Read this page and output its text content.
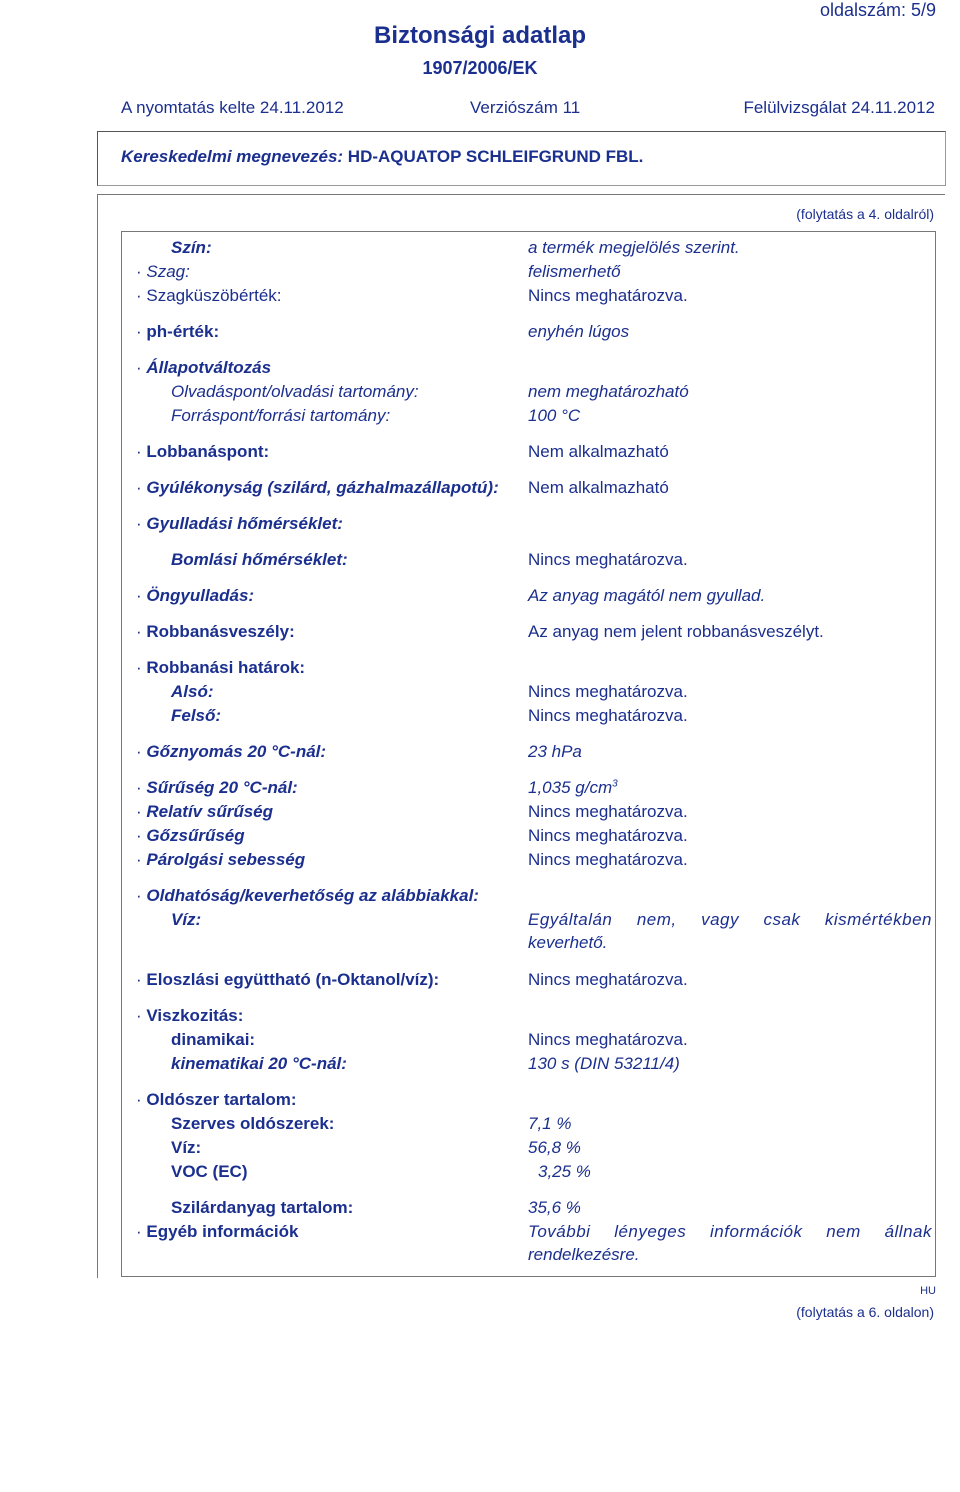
oldalszám: 5/9
Biztonsági adatlap
1907/2006/EK
A nyomtatás kelte 24.11.2012	Verziószám 11	Felülvizsgálat 24.11.2012
Kereskedelmi megnevezés: HD-AQUATOP SCHLEIFGRUND FBL.
(folytatás a 4. oldalról)
Szín:	a termék megjelölés szerint.
· Szag:	felismerhető
· Szagküszöbérték:	Nincs meghatározva.
· ph-érték:	enyhén lúgos
· Állapotváltozás
Olvadáspont/olvadási tartomány:	nem meghatározható
Forráspont/forrási tartomány:	100 °C
· Lobbanáspont:	Nem alkalmazható
· Gyúlékonyság (szilárd, gázhalmazállapotú): Nem alkalmazható
· Gyulladási hőmérséklet:
Bomlási hőmérséklet:	Nincs meghatározva.
· Öngyulladás:	Az anyag magától nem gyullad.
· Robbanásveszély:	Az anyag nem jelent robbanásveszélyt.
· Robbanási határok:
Alsó:	Nincs meghatározva.
Felső:	Nincs meghatározva.
· Gőznyomás 20 °C-nál:	23 hPa
· Sűrűség 20 °C-nál:	1,035 $g/cm^3$
· Relatív sűrűség	Nincs meghatározva.
· Gőzsűrűség	Nincs meghatározva.
· Párolgási sebesség	Nincs meghatározva.
· Oldhatóság/keverhetőség az alábbiakkal:
Víz:	Egyáltalán nem, vagy csak kismértékben
keverhető.
· Eloszlási együttható (n-Oktanol/víz):	Nincs meghatározva.
· Viszkozitás:
dinamikai:	Nincs meghatározva.
kinematikai 20 °C-nál:	130 s (DIN 53211/4)
· Oldószer tartalom:
Szerves oldószerek:	7,1 %
Víz:	56,8 %
VOC (EC)	3,25 %
Szilárdanyag tartalom:	35,6 %
· Egyéb információk	További lényeges információk nem állnak
rendelkezésre.
HU
(folytatás a 6. oldalon)
